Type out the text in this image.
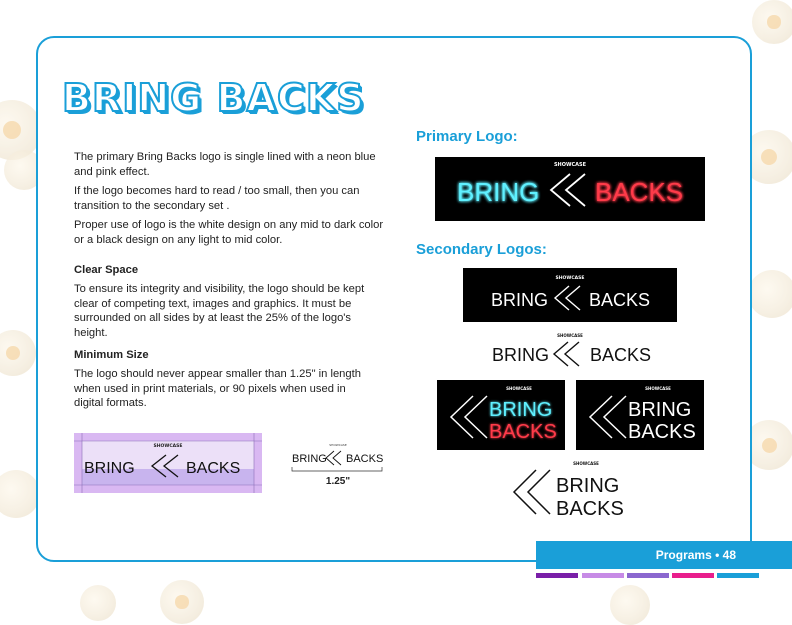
BRING BACKS

The primary Bring Backs logo is single lined with a neon blue and pink effect.

If the logo becomes hard to read / too small, then you can transition to the secondary set .

Proper use of logo is the white design on any mid to dark color or a black design on any light to mid color.

Clear Space
To ensure its integrity and visibility, the logo should be kept clear of competing text, images and graphics. It must be surrounded on all sides by at least the 25% of the logo's height.
Minimum Size
The logo should never appear smaller than 1.25" in length when used in print materials, or 90 pixels when used in digital formats.
SHOWCASE
BRING	BACKS
SHOWCASE
BRING BACKS
1.25"
Primary Logo:
SHOWCASE
BRING BACKS
Secondary Logos:
SHOWCASE
BRING BACKS
SHOWCASE
BRING BACKS
SHOWCASE
BRING
BACKS
SHOWCASE
BRING
BACKS
SHOWCASE
BRING
BACKS
Programs • 48
